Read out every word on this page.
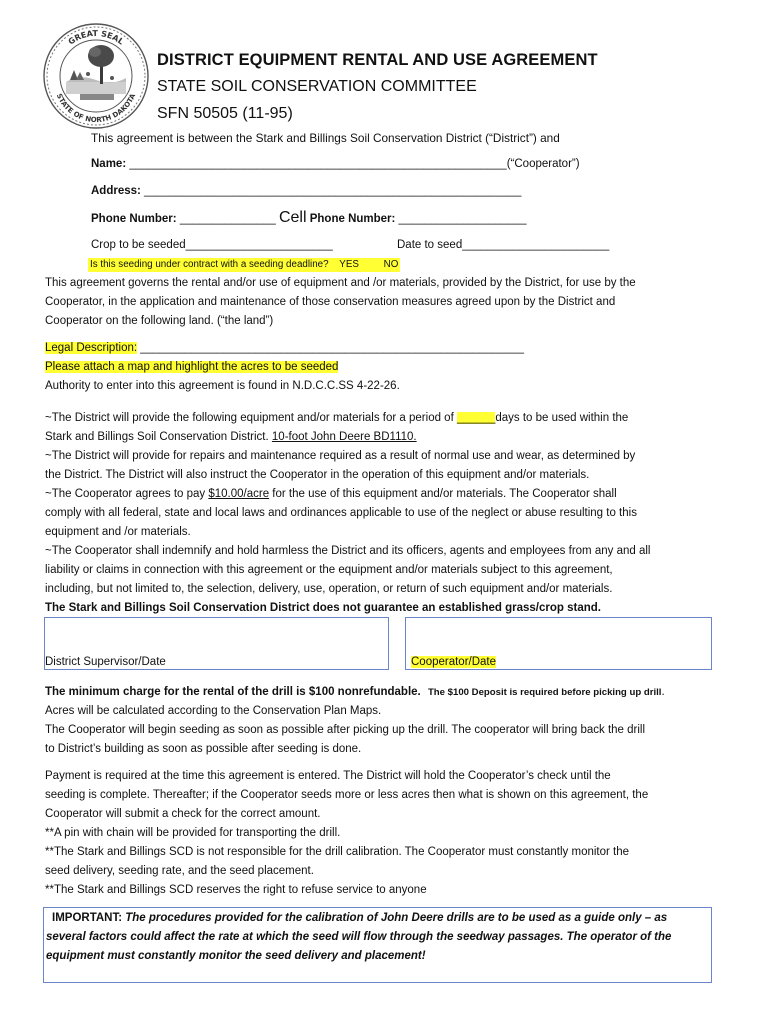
GREAT SEAL
STATE OF NORTH DAKOTA
DISTRICT EQUIPMENT RENTAL AND USE AGREEMENT
STATE SOIL CONSERVATION COMMITTEE
SFN 50505 (11-95)
This agreement is between the Stark and Billings Soil Conservation District (“District”) and
Name: ___________________________________________________________(“Cooperator”)
Address: ___________________________________________________________
Phone Number: _______________ Cell Phone Number: ____________________
Crop to be seeded_______________________	Date to seed_______________________
Is this seeding under contract with a seeding deadline? YES	NO
This agreement governs the rental and/or use of equipment and /or materials, provided by the District, for use by the
Cooperator, in the application and maintenance of those conservation measures agreed upon by the District and
Cooperator on the following land. (“the land”)
Legal Description: ____________________________________________________________
Please attach a map and highlight the acres to be seeded
Authority to enter into this agreement is found in N.D.C.C.SS 4-22-26.
~The District will provide the following equipment and/or materials for a period of ______days to be used within the
Stark and Billings Soil Conservation District. 10-foot John Deere BD1110.
~The District will provide for repairs and maintenance required as a result of normal use and wear, as determined by
the District. The District will also instruct the Cooperator in the operation of this equipment and/or materials.
~The Cooperator agrees to pay $10.00/acre for the use of this equipment and/or materials. The Cooperator shall
comply with all federal, state and local laws and ordinances applicable to use of the neglect or abuse resulting to this
equipment and /or materials.
~The Cooperator shall indemnify and hold harmless the District and its officers, agents and employees from any and all
liability or claims in connection with this agreement or the equipment and/or materials subject to this agreement,
including, but not limited to, the selection, delivery, use, operation, or return of such equipment and/or materials.
The Stark and Billings Soil Conservation District does not guarantee an established grass/crop stand.
District Supervisor/Date	Cooperator/Date
The minimum charge for the rental of the drill is $100 nonrefundable. The $100 Deposit is required before picking up drill.
Acres will be calculated according to the Conservation Plan Maps.
The Cooperator will begin seeding as soon as possible after picking up the drill. The cooperator will bring back the drill
to District’s building as soon as possible after seeding is done.
Payment is required at the time this agreement is entered. The District will hold the Cooperator’s check until the
seeding is complete. Thereafter; if the Cooperator seeds more or less acres then what is shown on this agreement, the
Cooperator will submit a check for the correct amount.
**A pin with chain will be provided for transporting the drill.
**The Stark and Billings SCD is not responsible for the drill calibration. The Cooperator must constantly monitor the
seed delivery, seeding rate, and the seed placement.
**The Stark and Billings SCD reserves the right to refuse service to anyone
IMPORTANT: The procedures provided for the calibration of John Deere drills are to be used as a guide only – as
several factors could affect the rate at which the seed will flow through the seedway passages. The operator of the
equipment must constantly monitor the seed delivery and placement!
